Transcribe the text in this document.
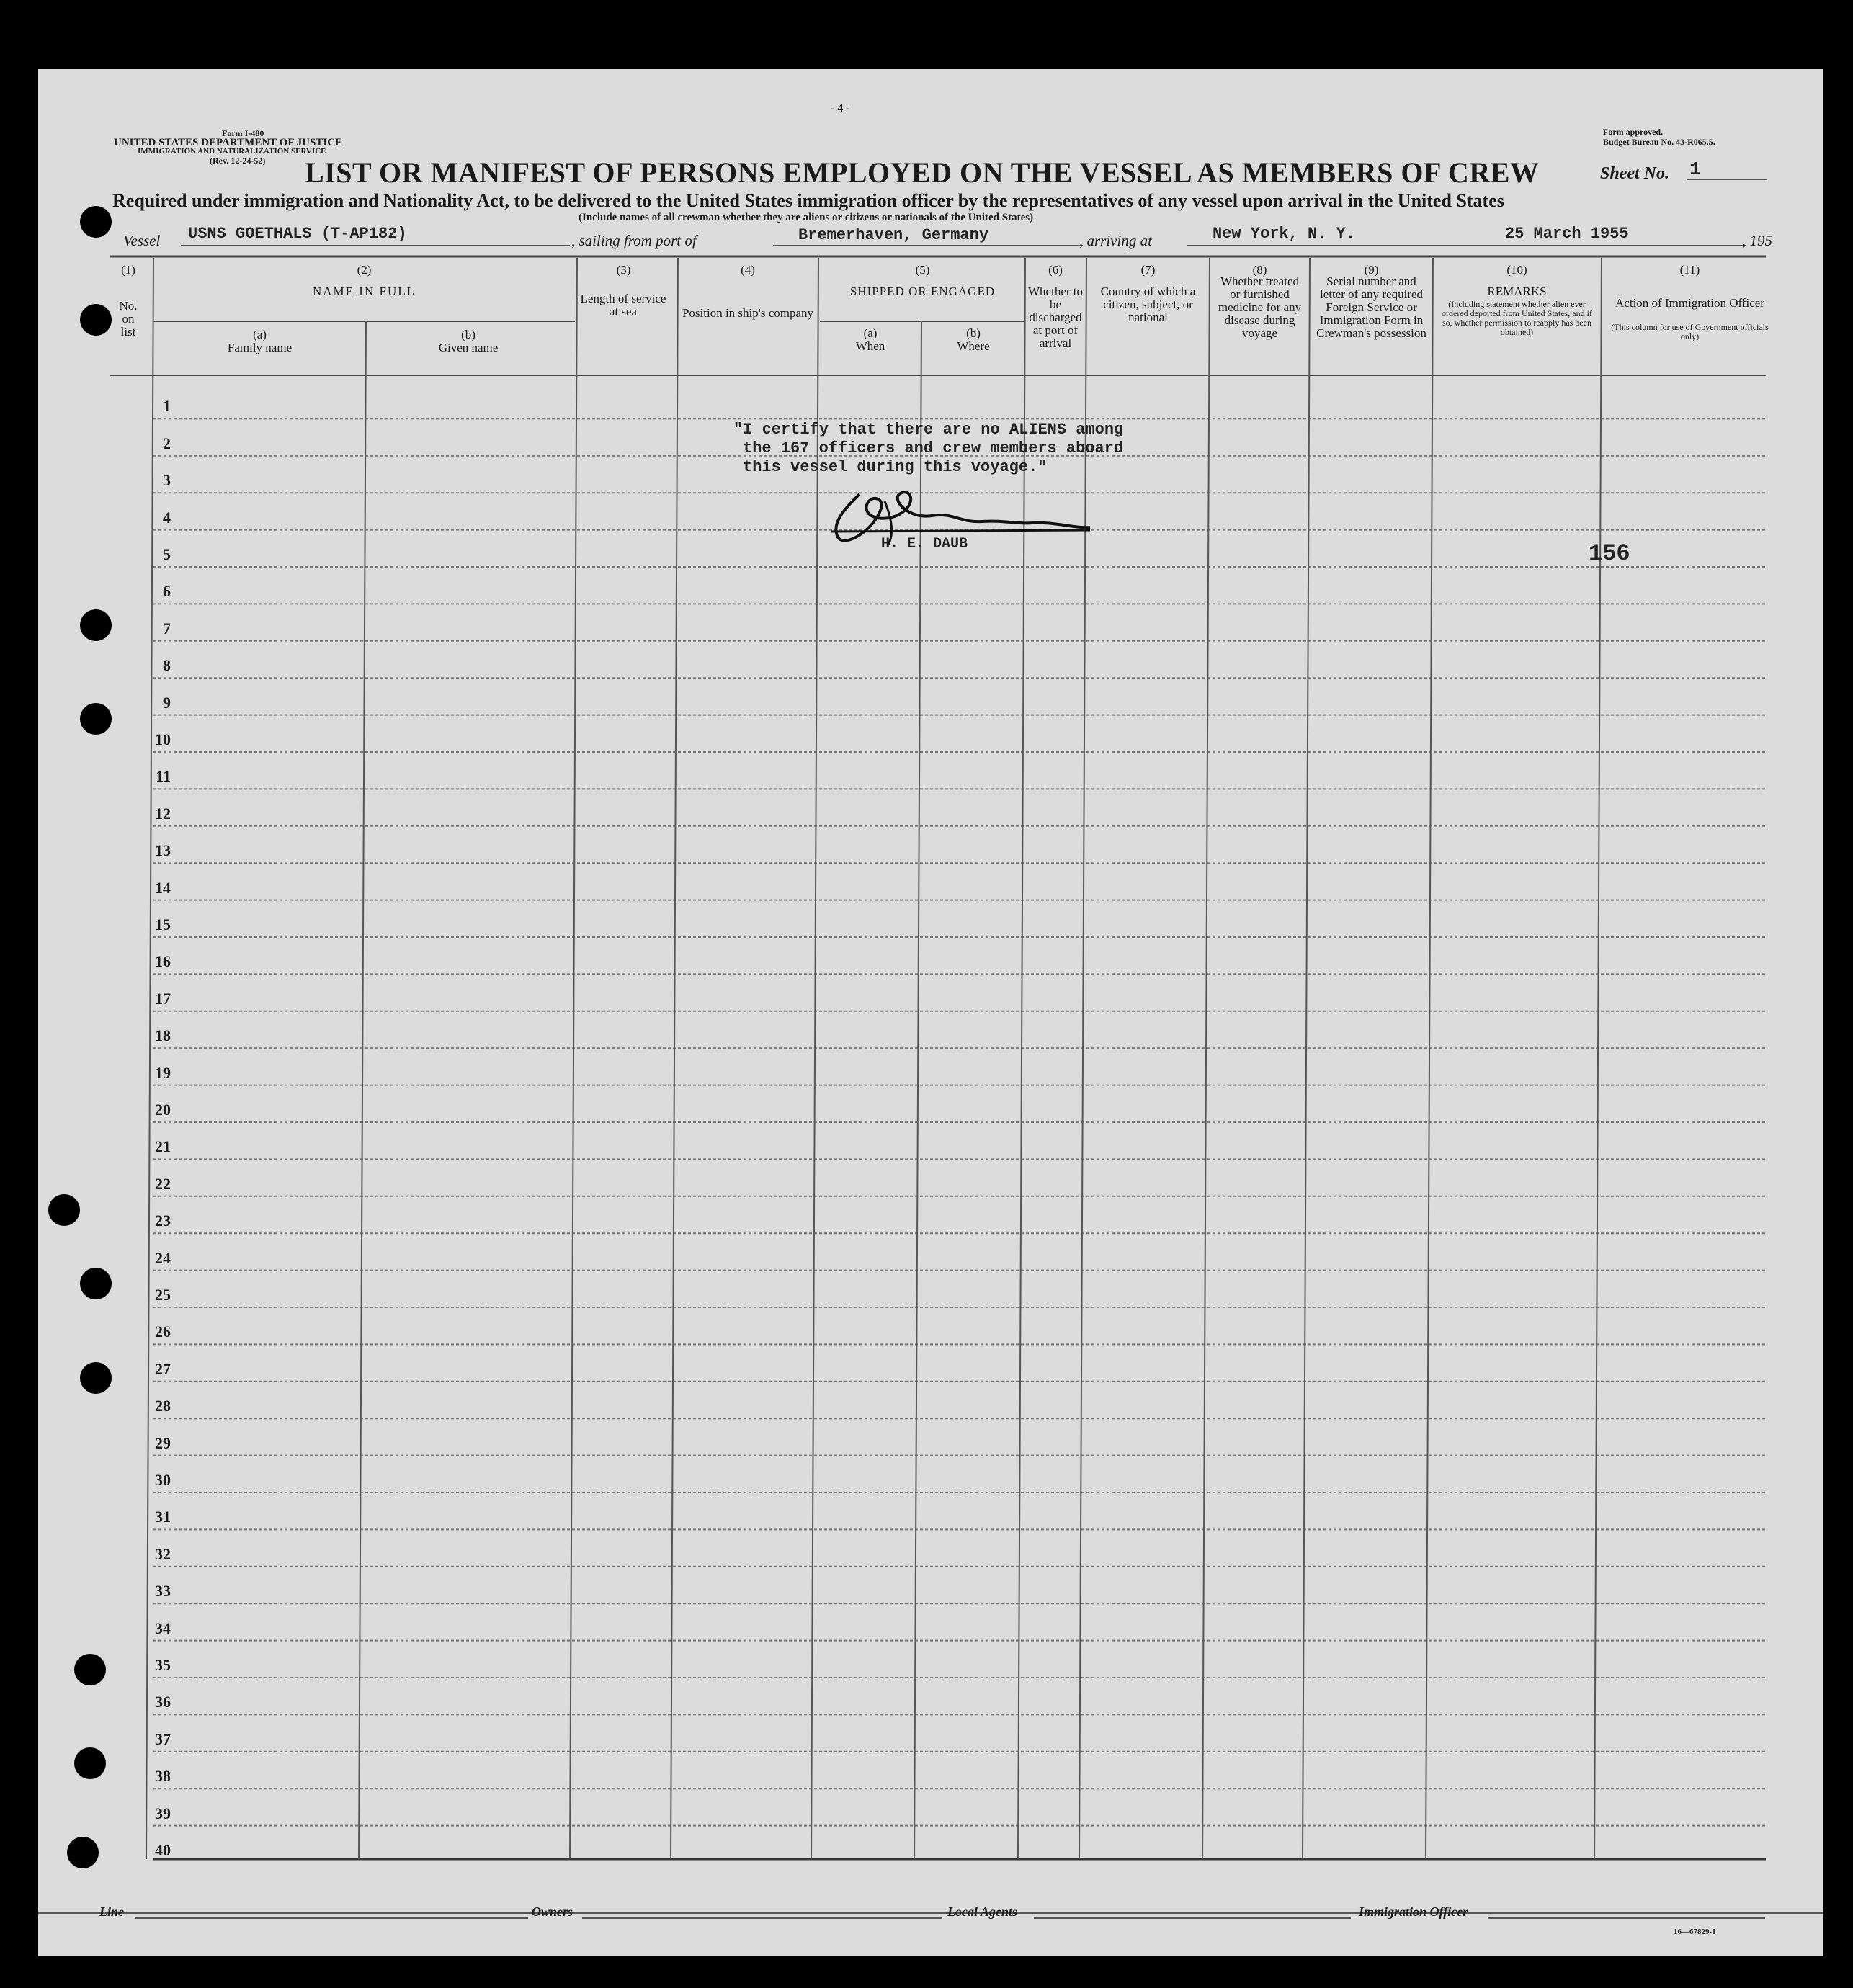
Form I-480
UNITED STATES DEPARTMENT OF JUSTICE
IMMIGRATION AND NATURALIZATION SERVICE
(Rev. 12-24-52)
- 4 -
Form approved.
Budget Bureau No. 43-R065.5.
LIST OR MANIFEST OF PERSONS EMPLOYED ON THE VESSEL AS MEMBERS OF CREW	Sheet No. 1
Required under immigration and Nationality Act, to be delivered to the United States immigration officer by the representatives of any vessel upon arrival in the United States
(Include names of all crewman whether they are aliens or citizens or nationals of the United States)
Vessel USNS GOETHALS (T-AP182)	, sailing from port of	Bremerhaven, Germany	, arriving at	New York, N. Y.	25 March 1955	, 195
(1)
No. on list
(2)
NAME IN FULL
(a)
Family name
(b)
Given name
(3)
Length of service at sea
(4)
Position in ship's company
(5)
SHIPPED OR ENGAGED
(a)
When
(b)
Where
(6)
Whether to be discharged at port of arrival
(7)
Country of which a citizen, subject, or national
(8)
Whether treated or furnished medicine for any disease during voyage
(9)
Serial number and letter of any required Foreign Service or Immigration Form in Crewman's possession
(10)
REMARKS
(Including statement whether alien ever ordered deported from United States, and if so, whether permission to reapply has been obtained)
(11)
Action of Immigration Officer
(This column for use of Government officials only)
1
2
3
4
5
6
7
8
9
10
11
12
13
14
15
16
17
18
19
20
21
22
23
24
25
26
27
28
29
30
31
32
33
34
35
36
37
38
39
40
"I certify that there are no ALIENS among
the 167 officers and crew members aboard
this vessel during this voyage."
H. E. DAUB	156
Line	Owners	Local Agents	Immigration Officer
16—67829-1
